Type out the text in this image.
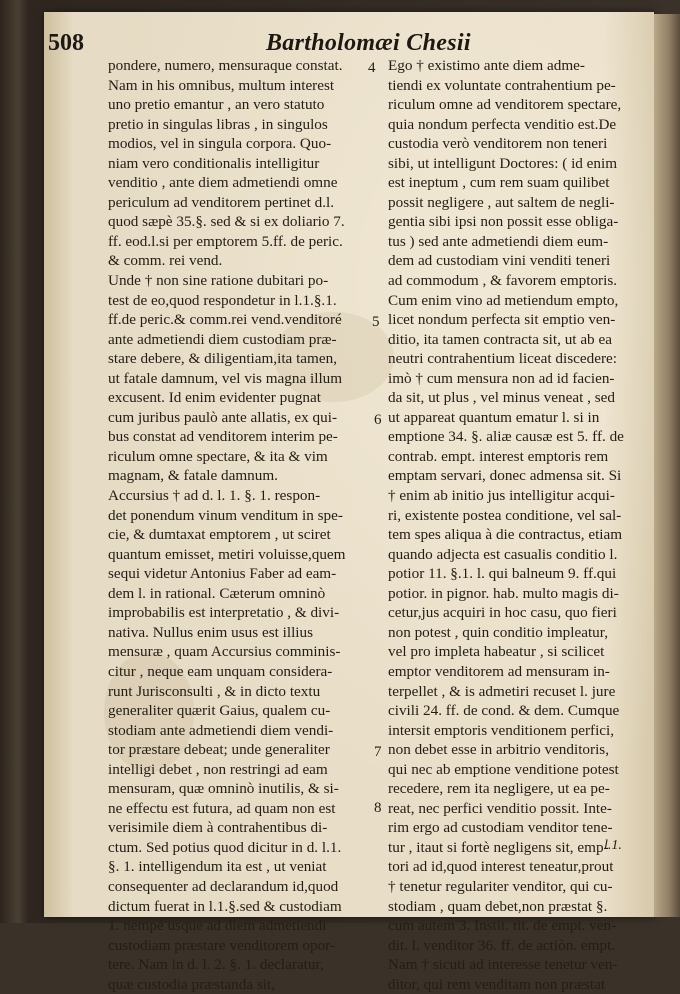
508	Bartholomæi Chesii
pondere, numero, mensuraque constat.
Nam in his omnibus, multum interest
uno pretio emantur , an vero statuto
pretio in singulas libras , in singulos
modios, vel in singula corpora. Quo-
niam vero conditionalis intelligitur
venditio , ante diem admetiendi omne
periculum ad venditorem pertinet d.l.
quod sæpè 35.§. sed & si ex doliario 7.
ff. eod.l.si per emptorem 5.ff. de peric.
& comm. rei vend.
Unde † non sine ratione dubitari po-
test de eo,quod respondetur in l.1.§.1.
ff.de peric.& comm.rei vend.venditoré
ante admetiendi diem custodiam præ-
stare debere, & diligentiam,ita tamen,
ut fatale damnum, vel vis magna illum
excusent. Id enim evidenter pugnat
cum juribus paulò ante allatis, ex qui-
bus constat ad venditorem interim pe-
riculum omne spectare, & ita & vim
magnam, & fatale damnum.
Accursius † ad d. l. 1. §. 1. respon-
det ponendum vinum venditum in spe-
cie, & dumtaxat emptorem , ut sciret
quantum emisset, metiri voluisse,quem
sequi videtur Antonius Faber ad eam-
dem l. in rational. Cæterum omninò
improbabilis est interpretatio , & divi-
nativa. Nullus enim usus est illius
mensuræ , quam Accursius comminis-
citur , neque eam unquam considera-
runt Jurisconsulti , & in dicto textu
generaliter quærit Gaius, qualem cu-
stodiam ante admetiendi diem vendi-
tor præstare debeat; unde generaliter
intelligi debet , non restringi ad eam
mensuram, quæ omninò inutilis, & si-
ne effectu est futura, ad quam non est
verisimile diem à contrahentibus di-
ctum. Sed potius quod dicitur in d. l.1.
§. 1. intelligendum ita est , ut veniat
consequenter ad declarandum id,quod
dictum fuerat in l.1.§.sed & custodiam
1. nempè usque ad diem admetiendi
custodiam præstare venditorem opor-
tere. Nam in d. l. 2. §. 1. declaratur,
quæ custodia præstanda sit,
Ego † existimo ante diem adme-
tiendi ex voluntate contrahentium pe-
riculum omne ad venditorem spectare,
quia nondum perfecta venditio est.De
custodia verò venditorem non teneri
sibi, ut intelligunt Doctores: ( id enim
est ineptum , cum rem suam quilibet
possit negligere , aut saltem de negli-
gentia sibi ipsi non possit esse obliga-
tus ) sed ante admetiendi diem eum-
dem ad custodiam vini venditi teneri
ad commodum , & favorem emptoris.
Cum enim vino ad metiendum empto,
licet nondum perfecta sit emptio ven-
ditio, ita tamen contracta sit, ut ab ea
neutri contrahentium liceat discedere:
imò † cum mensura non ad id facien-
da sit, ut plus , vel minus veneat , sed
ut appareat quantum ematur l. si in
emptione 34. §. aliæ causæ est 5. ff. de
contrab. empt. interest emptoris rem
emptam servari, donec admensa sit. Si
† enim ab initio jus intelligitur acqui-
ri, existente postea conditione, vel sal-
tem spes aliqua à die contractus, etiam
quando adjecta est casualis conditio l.
potior 11. §.1. l. qui balneum 9. ff.qui
potior. in pignor. hab. multo magis di-
cetur,jus acquiri in hoc casu, quo fieri
non potest , quin conditio impleatur,
vel pro impleta habeatur , si scilicet
emptor venditorem ad mensuram in-
terpellet , & is admetiri recuset l. jure
civili 24. ff. de cond. & dem. Cumque
intersit emptoris venditionem perfici,
non debet esse in arbitrio venditoris,
qui nec ab emptione venditione potest
recedere, rem ita negligere, ut ea pe-
reat, nec perfici venditio possit. Inte-
rim ergo ad custodiam venditor tene-
tur , itaut si fortè negligens sit, emp-
tori ad id,quod interest teneatur,prout
† tenetur regulariter venditor, qui cu-
stodiam , quam debet,non præstat §.
cum autem 3. Instit. tit. de empt. ven-
dit. l. venditor 36. ff. de actiòn. empt.
Nam † sicuti ad interesse tenetur ven-
ditor, qui rem venditam non præstat
4
5
6
7
8
l.1.
